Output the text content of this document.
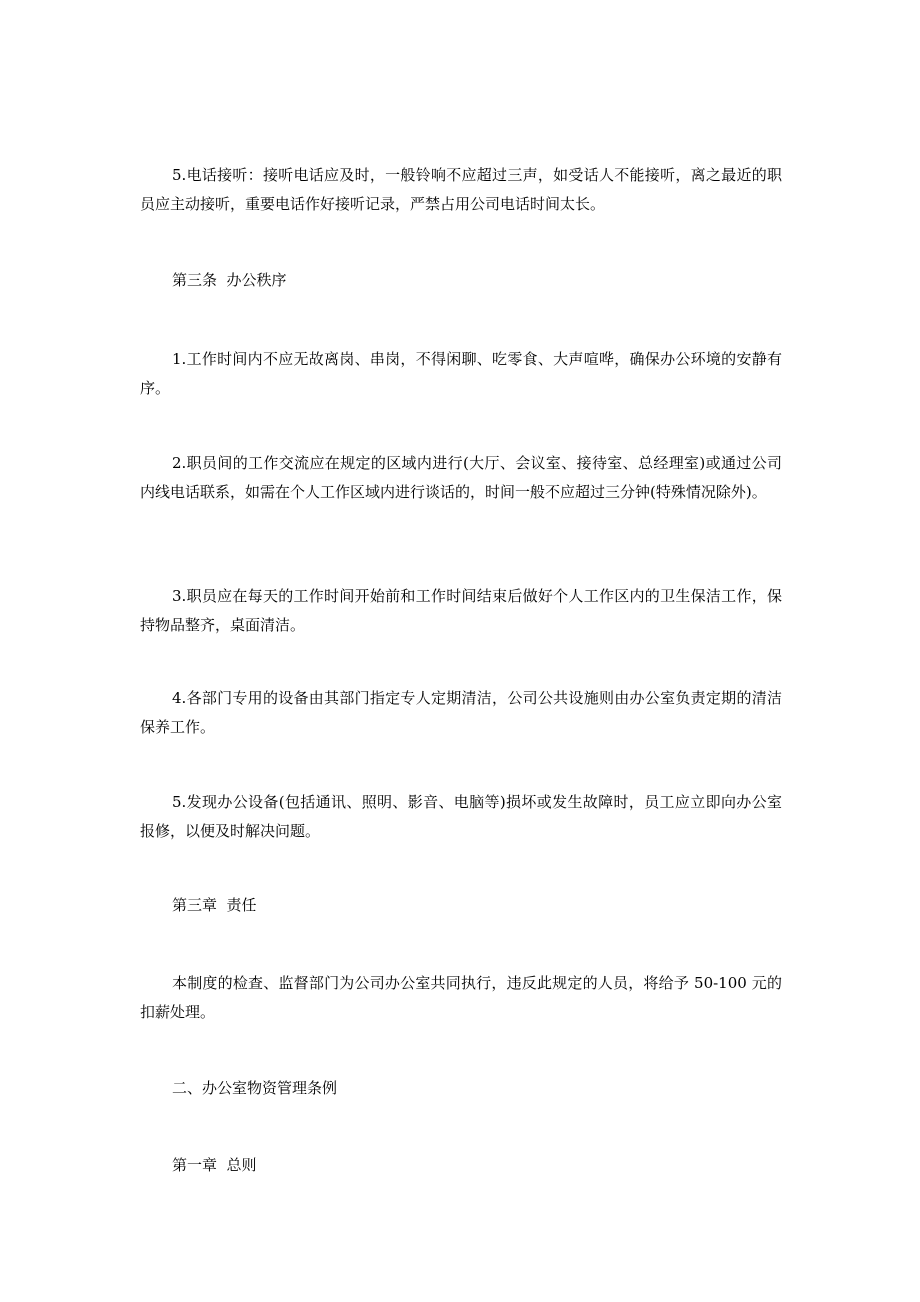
5.电话接听：接听电话应及时，一般铃响不应超过三声，如受话人不能接听，离之最近的职员应主动接听，重要电话作好接听记录，严禁占用公司电话时间太长。

第三条  办公秩序

1.工作时间内不应无故离岗、串岗，不得闲聊、吃零食、大声喧哗，确保办公环境的安静有序。

2.职员间的工作交流应在规定的区域内进行(大厅、会议室、接待室、总经理室)或通过公司内线电话联系，如需在个人工作区域内进行谈话的，时间一般不应超过三分钟(特殊情况除外)。

3.职员应在每天的工作时间开始前和工作时间结束后做好个人工作区内的卫生保洁工作，保持物品整齐，桌面清洁。

4.各部门专用的设备由其部门指定专人定期清洁，公司公共设施则由办公室负责定期的清洁保养工作。

5.发现办公设备(包括通讯、照明、影音、电脑等)损坏或发生故障时，员工应立即向办公室报修，以便及时解决问题。

第三章  责任

本制度的检查、监督部门为公司办公室共同执行，违反此规定的人员，将给予 50-100 元的扣薪处理。

二、办公室物资管理条例

第一章  总则
